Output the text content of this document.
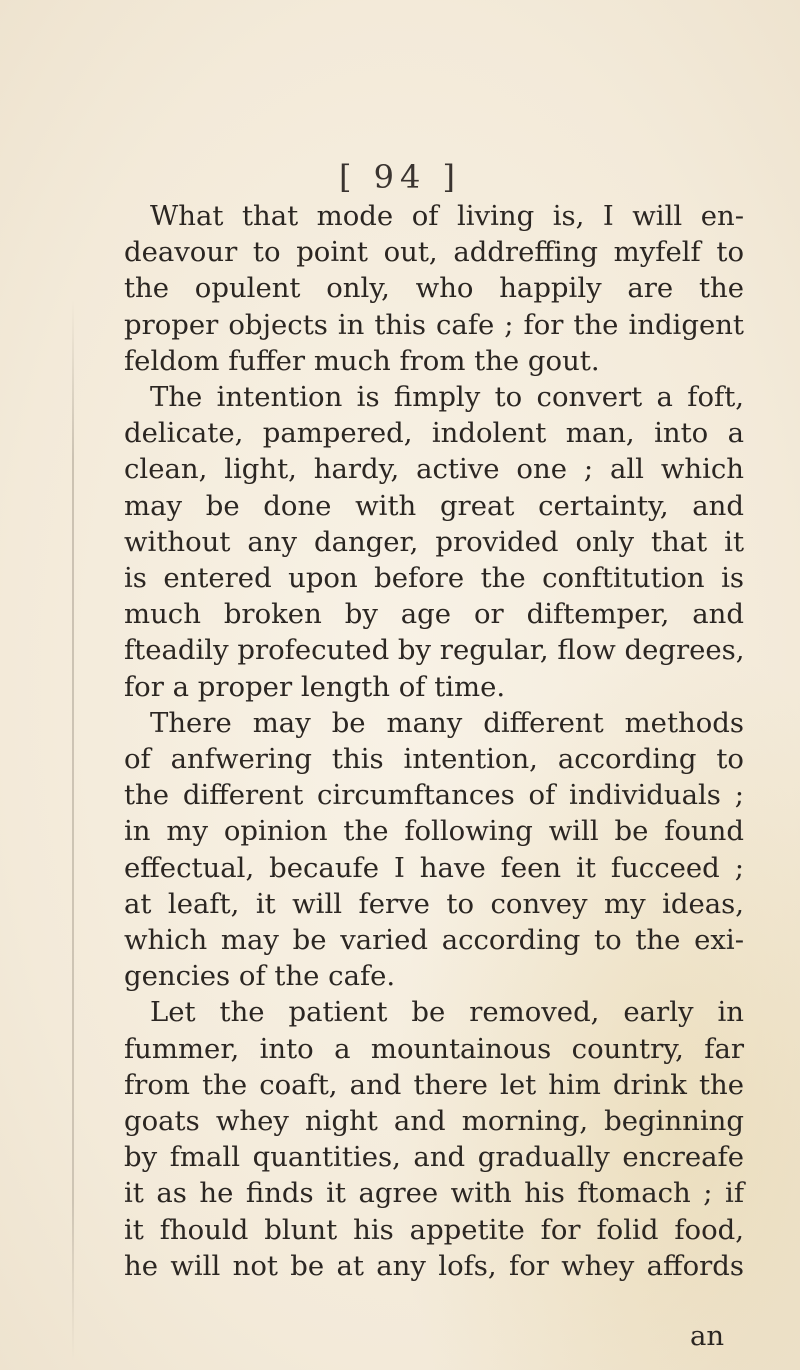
[ 94 ]
What that mode of living is, I will en-
deavour to point out, addreffing myfelf to
the opulent only, who happily are the
proper objects in this cafe ; for the indigent
feldom fuffer much from the gout.
The intention is fimply to convert a foft,
delicate, pampered, indolent man, into a
clean, light, hardy, active one ; all which
may be done with great certainty, and
without any danger, provided only that it
is entered upon before the conftitution is
much broken by age or diftemper, and
fteadily profecuted by regular, flow degrees,
for a proper length of time.
There may be many different methods
of anfwering this intention, according to
the different circumftances of individuals ;
in my opinion the following will be found
effectual, becaufe I have feen it fucceed ;
at leaft, it will ferve to convey my ideas,
which may be varied according to the exi-
gencies of the cafe.
Let the patient be removed, early in
fummer, into a mountainous country, far
from the coaft, and there let him drink the
goats whey night and morning, beginning
by fmall quantities, and gradually encreafe
it as he finds it agree with his ftomach ; if
it fhould blunt his appetite for folid food,
he will not be at any lofs, for whey affords
an
